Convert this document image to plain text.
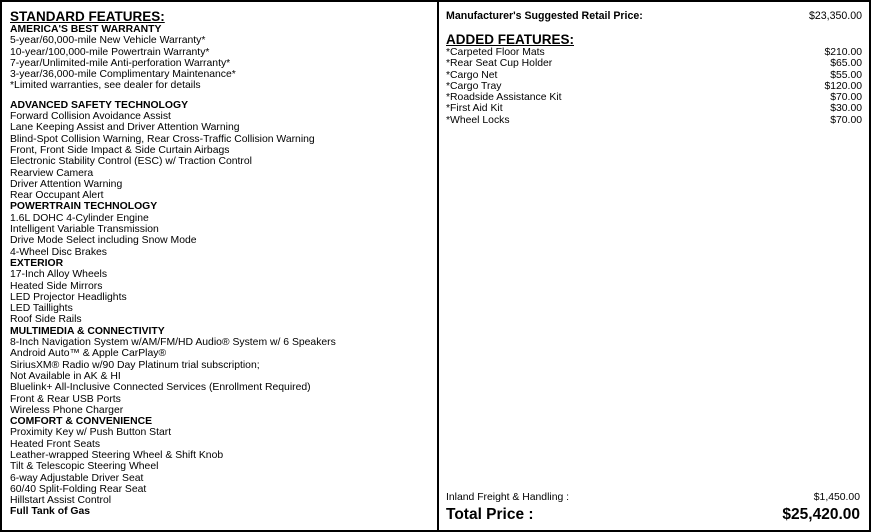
STANDARD FEATURES:
AMERICA'S BEST WARRANTY
5-year/60,000-mile New Vehicle Warranty*
10-year/100,000-mile Powertrain Warranty*
7-year/Unlimited-mile Anti-perforation Warranty*
3-year/36,000-mile Complimentary Maintenance*
*Limited warranties, see dealer for details
ADVANCED SAFETY TECHNOLOGY
Forward Collision Avoidance Assist
Lane Keeping Assist and Driver Attention Warning
Blind-Spot Collision Warning, Rear Cross-Traffic Collision Warning
Front, Front Side Impact & Side Curtain Airbags
Electronic Stability Control (ESC) w/ Traction Control
Rearview Camera
Driver Attention Warning
Rear Occupant Alert
POWERTRAIN TECHNOLOGY
1.6L DOHC 4-Cylinder Engine
Intelligent Variable Transmission
Drive Mode Select including Snow Mode
4-Wheel Disc Brakes
EXTERIOR
17-Inch Alloy Wheels
Heated Side Mirrors
LED Projector Headlights
LED Taillights
Roof Side Rails
MULTIMEDIA & CONNECTIVITY
8-Inch Navigation System w/AM/FM/HD Audio® System w/ 6 Speakers
Android Auto™ & Apple CarPlay®
SiriusXM® Radio w/90 Day Platinum trial subscription;
Not Available in AK & HI
Bluelink+ All-Inclusive Connected Services (Enrollment Required)
Front & Rear USB Ports
Wireless Phone Charger
COMFORT & CONVENIENCE
Proximity Key w/ Push Button Start
Heated Front Seats
Leather-wrapped Steering Wheel & Shift Knob
Tilt & Telescopic Steering Wheel
6-way Adjustable Driver Seat
60/40 Split-Folding Rear Seat
Hillstart Assist Control
Full Tank of Gas
Manufacturer's Suggested Retail Price:	$23,350.00
ADDED FEATURES:
*Carpeted Floor Mats	$210.00
*Rear Seat Cup Holder	$65.00
*Cargo Net	$55.00
*Cargo Tray	$120.00
*Roadside Assistance Kit	$70.00
*First Aid Kit	$30.00
*Wheel Locks	$70.00
Inland Freight & Handling :	$1,450.00
Total Price :	$25,420.00
